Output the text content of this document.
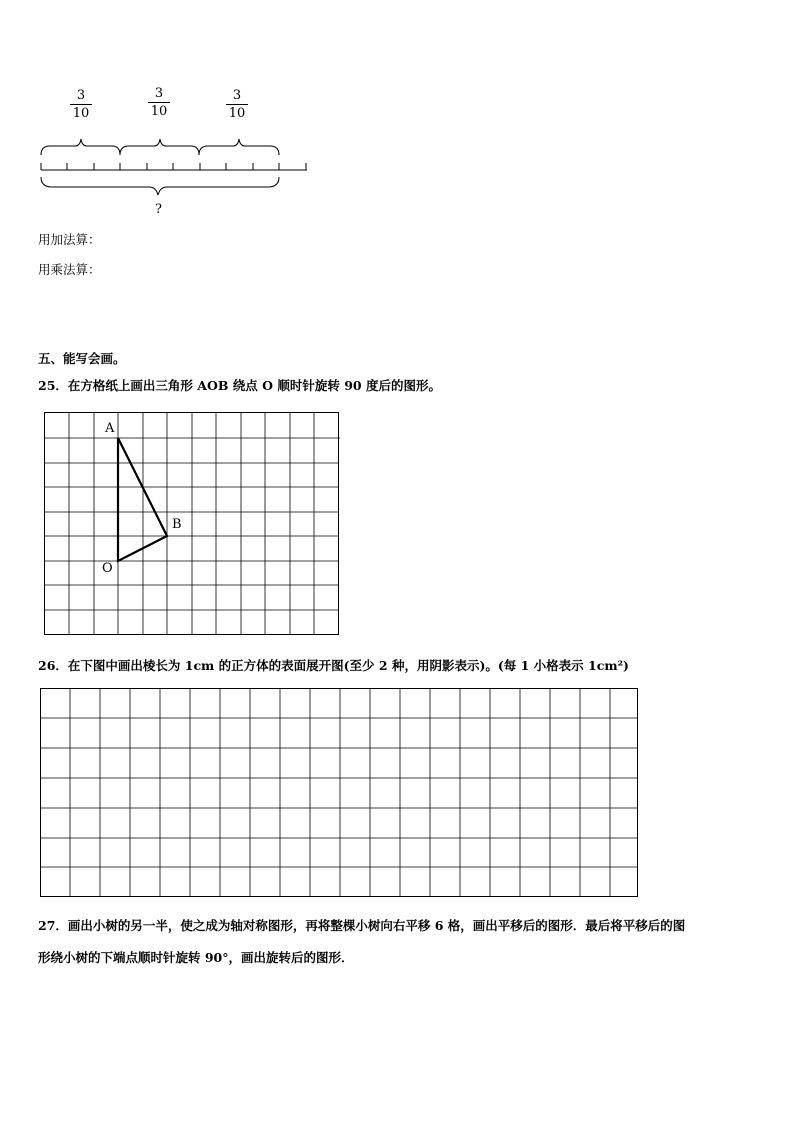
3
10
3
10
3
10
?
用加法算：
用乘法算：
五、能写会画。
25．在方格纸上画出三角形 AOB 绕点 O 顺时针旋转 90 度后的图形。
A
B
O
26．在下图中画出棱长为 1cm 的正方体的表面展开图(至少 2 种，用阴影表示)。(每 1 小格表示 1cm²)
27．画出小树的另一半，使之成为轴对称图形，再将整棵小树向右平移 6 格，画出平移后的图形．最后将平移后的图
形绕小树的下端点顺时针旋转 90°，画出旋转后的图形．
